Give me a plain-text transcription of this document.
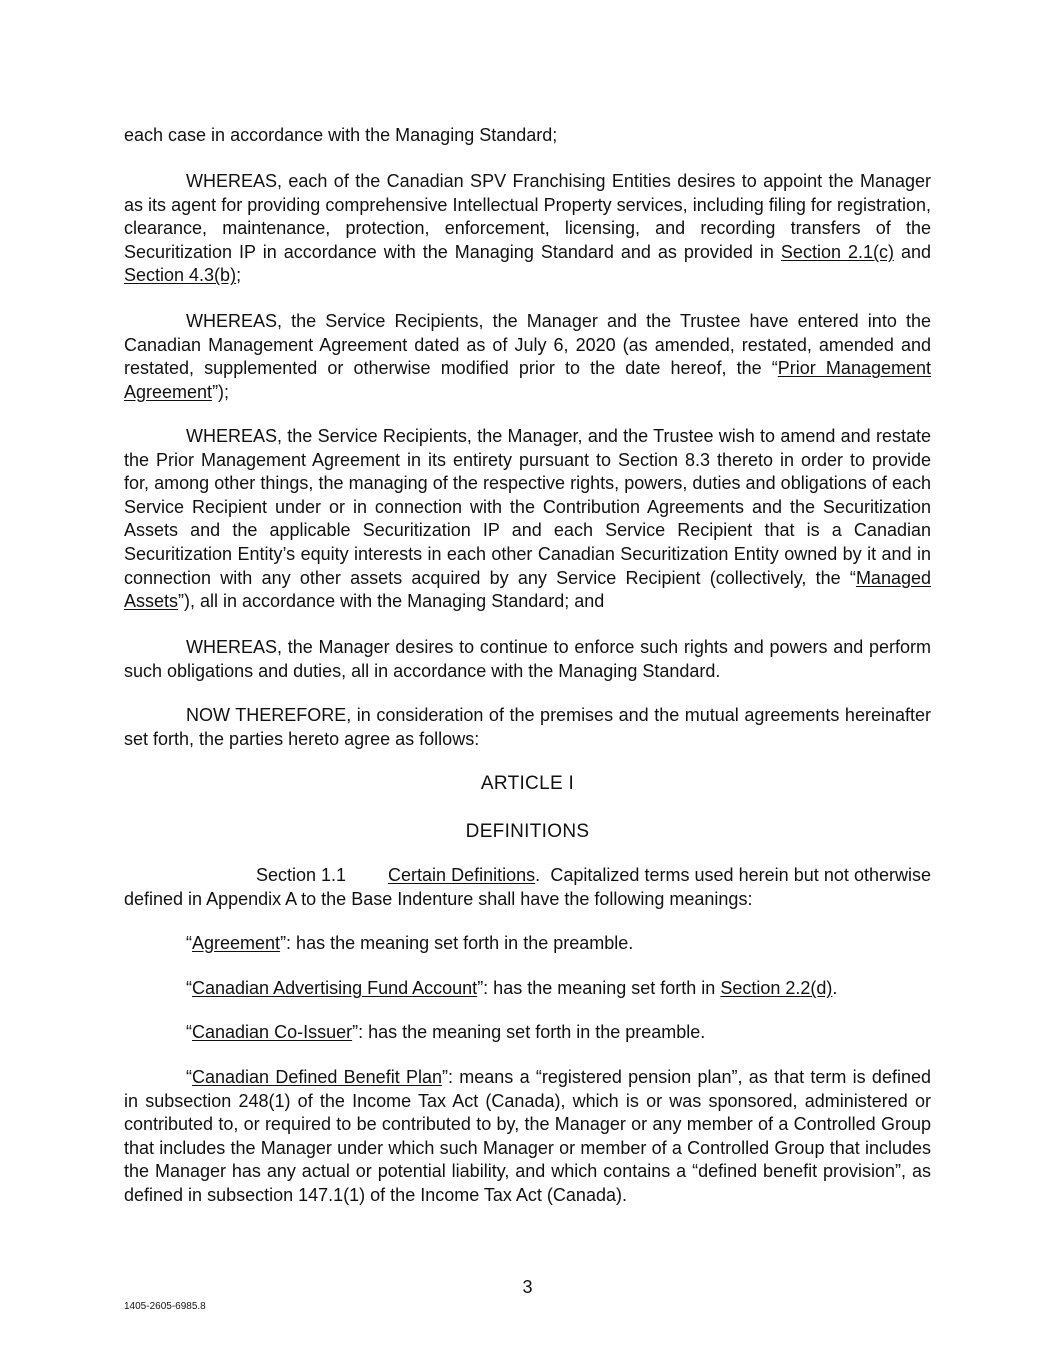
each case in accordance with the Managing Standard;

WHEREAS, each of the Canadian SPV Franchising Entities desires to appoint the Manager as its agent for providing comprehensive Intellectual Property services, including filing for registration, clearance, maintenance, protection, enforcement, licensing, and recording transfers of the Securitization IP in accordance with the Managing Standard and as provided in Section 2.1(c) and Section 4.3(b);

WHEREAS, the Service Recipients, the Manager and the Trustee have entered into the Canadian Management Agreement dated as of July 6, 2020 (as amended, restated, amended and restated, supplemented or otherwise modified prior to the date hereof, the “Prior Management Agreement”);

WHEREAS, the Service Recipients, the Manager, and the Trustee wish to amend and restate the Prior Management Agreement in its entirety pursuant to Section 8.3 thereto in order to provide for, among other things, the managing of the respective rights, powers, duties and obligations of each Service Recipient under or in connection with the Contribution Agreements and the Securitization Assets and the applicable Securitization IP and each Service Recipient that is a Canadian Securitization Entity’s equity interests in each other Canadian Securitization Entity owned by it and in connection with any other assets acquired by any Service Recipient (collectively, the “Managed Assets”), all in accordance with the Managing Standard; and

WHEREAS, the Manager desires to continue to enforce such rights and powers and perform such obligations and duties, all in accordance with the Managing Standard.

NOW THEREFORE, in consideration of the premises and the mutual agreements hereinafter set forth, the parties hereto agree as follows:

ARTICLE I

DEFINITIONS

Section 1.1 Certain Definitions.  Capitalized terms used herein but not otherwise defined in Appendix A to the Base Indenture shall have the following meanings:

“Agreement”: has the meaning set forth in the preamble.

“Canadian Advertising Fund Account”: has the meaning set forth in Section 2.2(d).

“Canadian Co-Issuer”: has the meaning set forth in the preamble.

“Canadian Defined Benefit Plan”: means a “registered pension plan”, as that term is defined in subsection 248(1) of the Income Tax Act (Canada), which is or was sponsored, administered or contributed to, or required to be contributed to by, the Manager or any member of a Controlled Group that includes the Manager under which such Manager or member of a Controlled Group that includes the Manager has any actual or potential liability, and which contains a “defined benefit provision”, as defined in subsection 147.1(1) of the Income Tax Act (Canada).

3
1405-2605-6985.8
